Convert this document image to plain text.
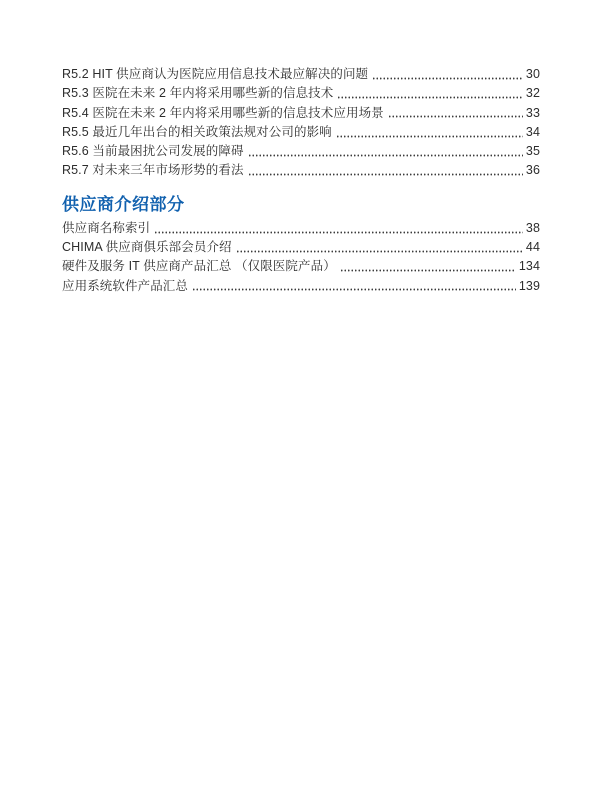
R5.2 HIT 供应商认为医院应用信息技术最应解决的问题	30
R5.3 医院在未来 2 年内将采用哪些新的信息技术	32
R5.4 医院在未来 2 年内将采用哪些新的信息技术应用场景	33
R5.5 最近几年出台的相关政策法规对公司的影响	34
R5.6 当前最困扰公司发展的障碍	35
R5.7 对未来三年市场形势的看法	36
供应商介绍部分
供应商名称索引	38
CHIMA 供应商俱乐部会员介绍	44
硬件及服务 IT 供应商产品汇总 （仅限医院产品）	134
应用系统软件产品汇总	139
